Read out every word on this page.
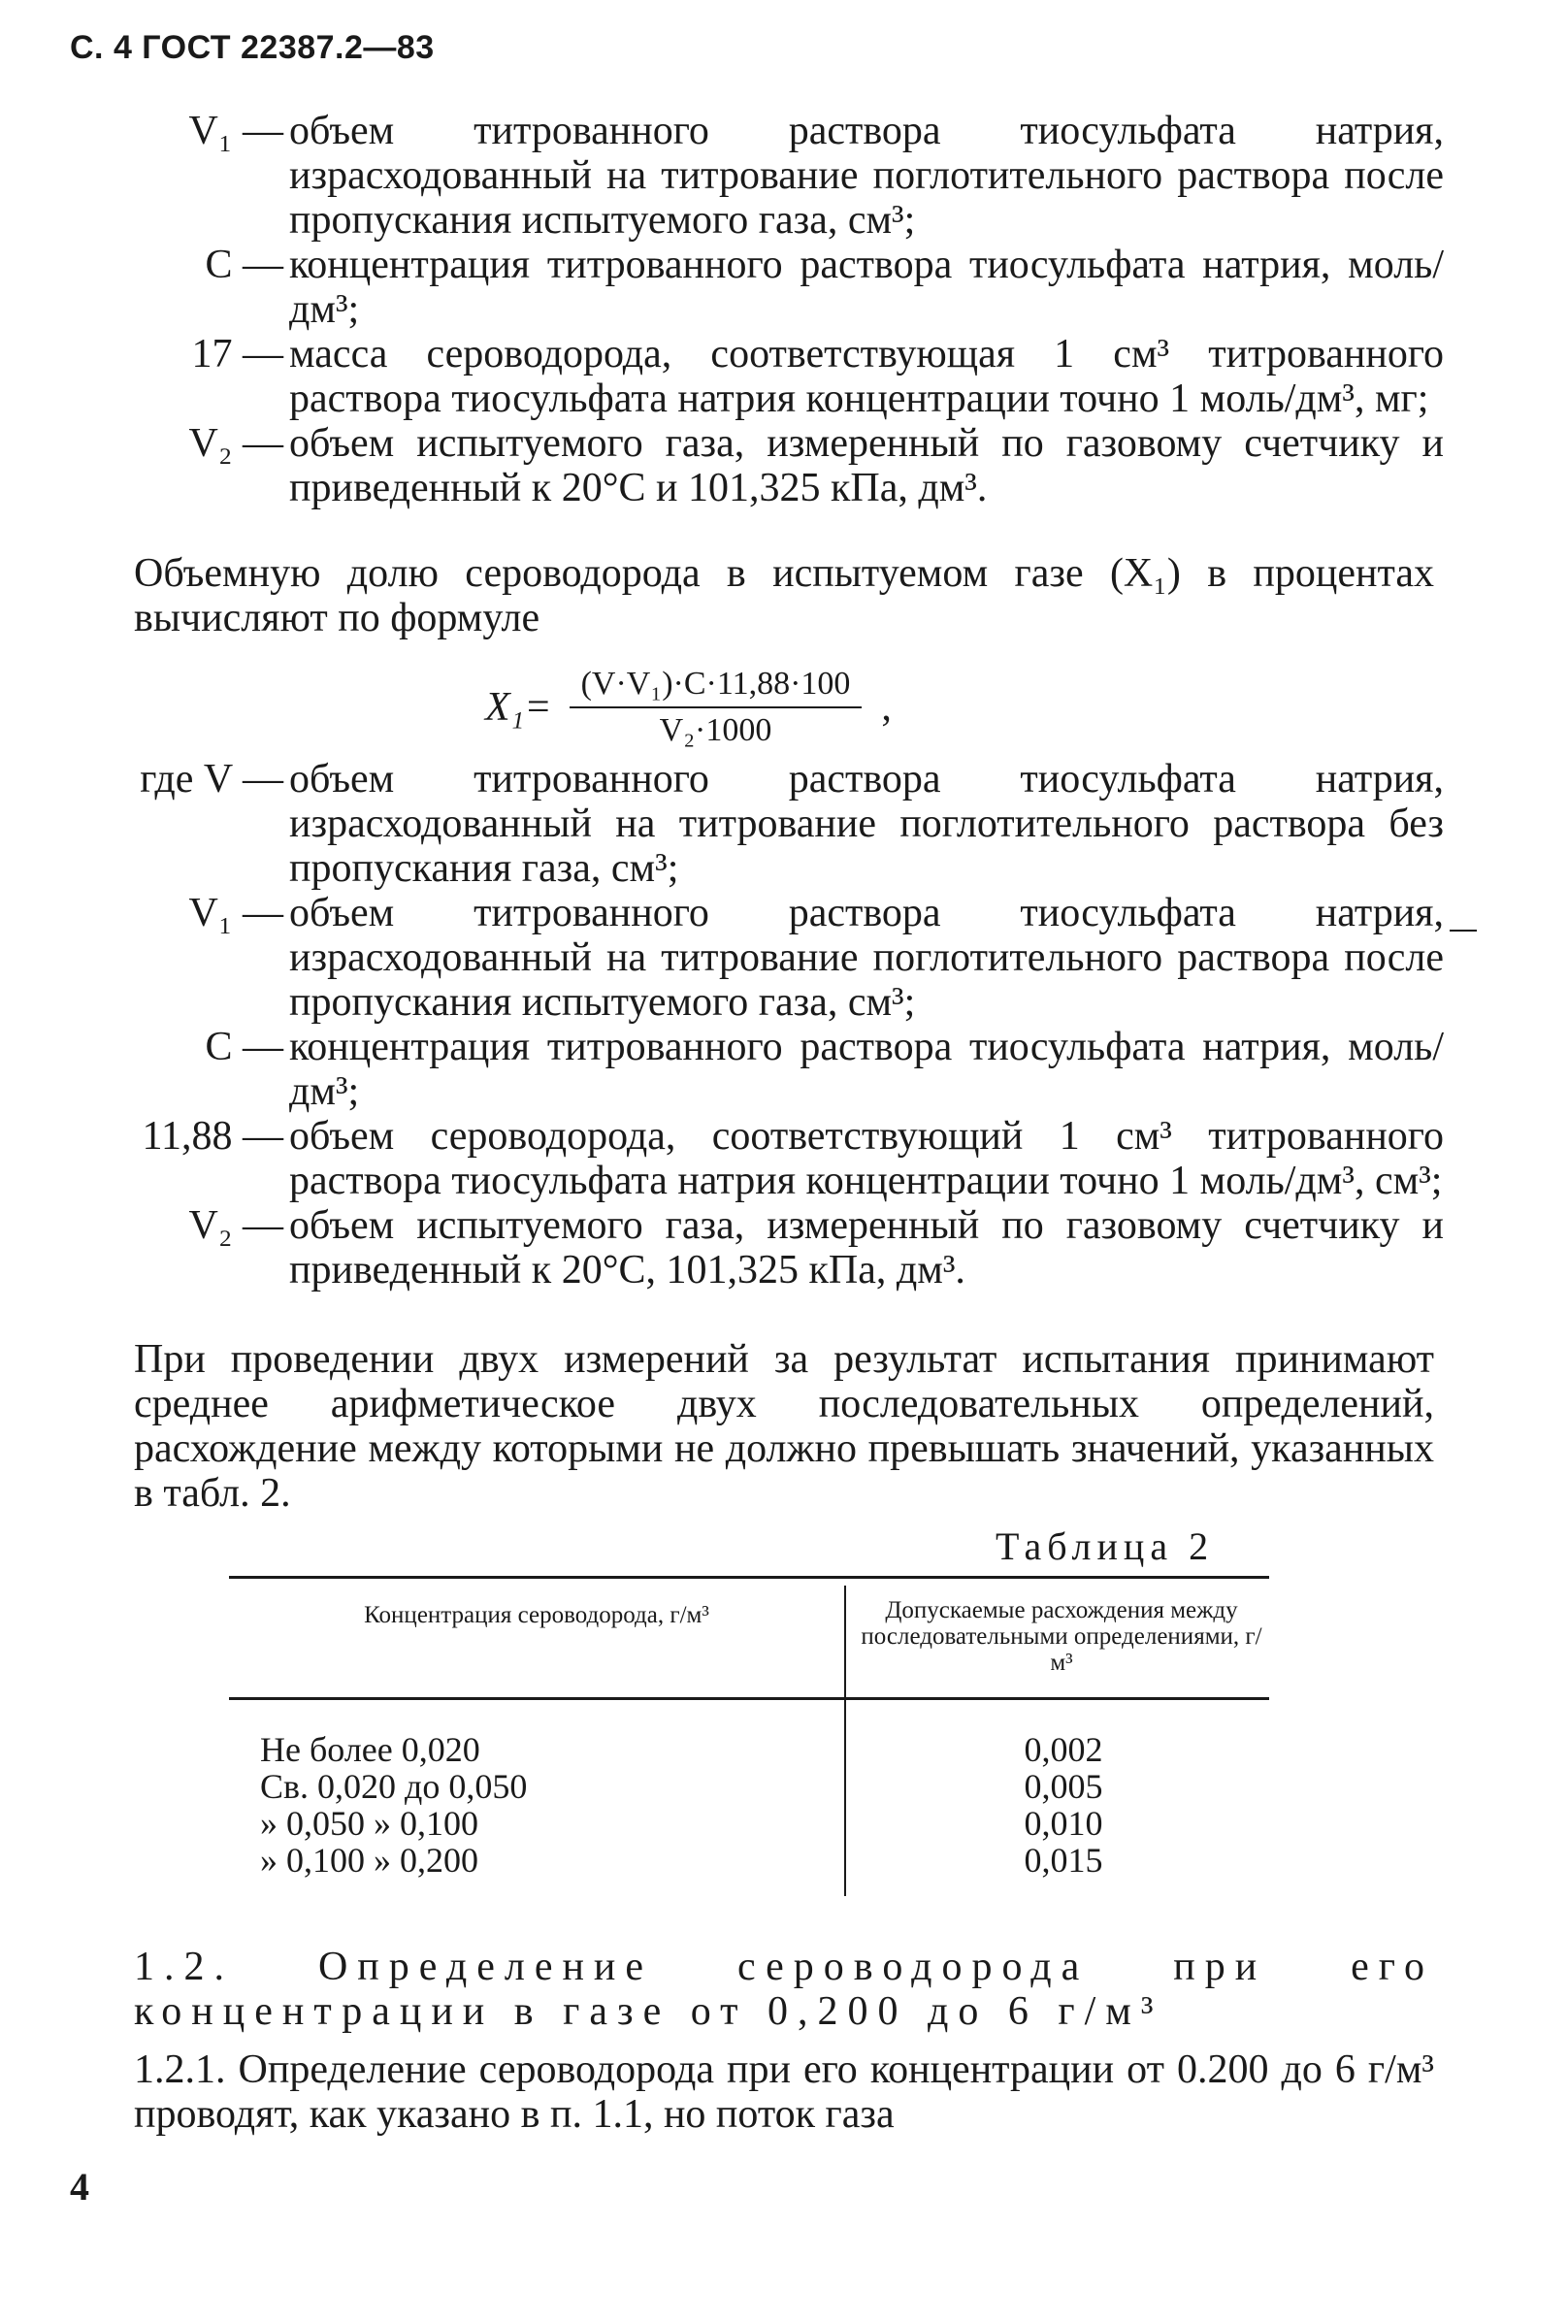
С. 4 ГОСТ 22387.2—83
V₁ — объем титрованного раствора тиосульфата натрия, израсходованный на титрование поглотительного раствора после пропускания испытуемого газа, см³;
C — концентрация титрованного раствора тиосульфата натрия, моль/дм³;
17 — масса сероводорода, соответствующая 1 см³ титрованного раствора тиосульфата натрия концентрации точно 1 моль/дм³, мг;
V₂ — объем испытуемого газа, измеренный по газовому счетчику и приведенный к 20°С и 101,325 кПа, дм³.
Объемную долю сероводорода в испытуемом газе (X₁) в процентах вычисляют по формуле
$X_1= \frac{\text{(V·V₁)·C·11,88·100}}{\text{V₂·1000}}$ ,
где V — объем титрованного раствора тиосульфата натрия, израсходованный на титрование поглотительного раствора без пропускания газа, см³;
V₁ — объем титрованного раствора тиосульфата натрия, израсходованный на титрование поглотительного раствора после пропускания испытуемого газа, см³;
C — концентрация титрованного раствора тиосульфата натрия, моль/дм³;
11,88 — объем сероводорода, соответствующий 1 см³ титрованного раствора тиосульфата натрия концентрации точно 1 моль/дм³, см³;
V₂ — объем испытуемого газа, измеренный по газовому счетчику и приведенный к 20°С, 101,325 кПа, дм³.
При проведении двух измерений за результат испытания принимают среднее арифметическое двух последовательных определений, расхождение между которыми не должно превышать значений, указанных в табл. 2.
Таблица 2
Концентрация сероводорода, г/м³	Допускаемые расхождения между последовательными определениями, г/м³
Не более 0,020
Св. 0,020 до 0,050
» 0,050 » 0,100
» 0,100 » 0,200
0,002
0,005
0,010
0,015
1.2. Определение сероводорода при его концентрации в газе от 0,200 до 6 г/м³
1.2.1. Определение сероводорода при его концентрации от 0.200 до 6 г/м³ проводят, как указано в п. 1.1, но поток газа
4
